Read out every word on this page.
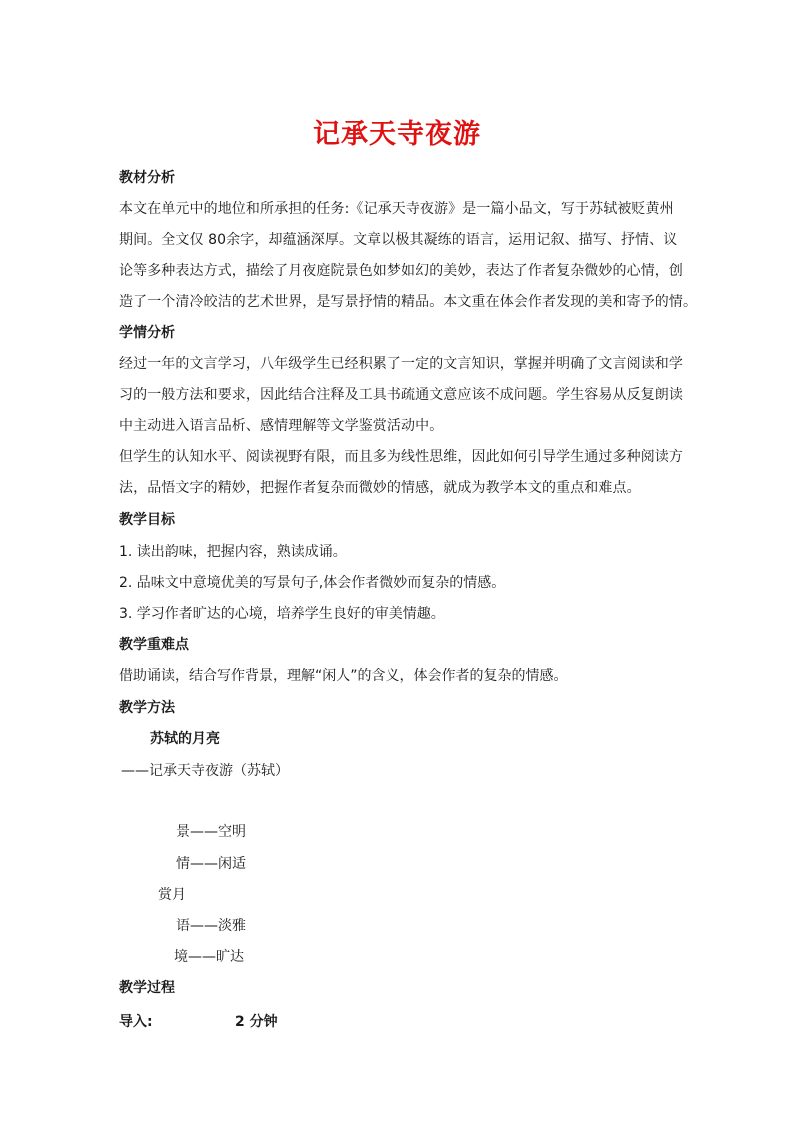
记承天寺夜游
教材分析
本文在单元中的地位和所承担的任务:《记承天寺夜游》是一篇小品文，写于苏轼被贬黄州
期间。全文仅 80余字，却蕴涵深厚。文章以极其凝练的语言，运用记叙、描写、抒情、议
论等多种表达方式，描绘了月夜庭院景色如梦如幻的美妙，表达了作者复杂微妙的心情，创
造了一个清冷皎洁的艺术世界，是写景抒情的精品。本文重在体会作者发现的美和寄予的情。
学情分析
经过一年的文言学习，八年级学生已经积累了一定的文言知识，掌握并明确了文言阅读和学
习的一般方法和要求，因此结合注释及工具书疏通文意应该不成问题。学生容易从反复朗读
中主动进入语言品析、感情理解等文学鉴赏活动中。
但学生的认知水平、阅读视野有限，而且多为线性思维，因此如何引导学生通过多种阅读方
法，品悟文字的精妙，把握作者复杂而微妙的情感，就成为教学本文的重点和难点。
教学目标
1. 读出韵味，把握内容，熟读成诵。
2. 品味文中意境优美的写景句子,体会作者微妙而复杂的情感。
3. 学习作者旷达的心境，培养学生良好的审美情趣。
教学重难点
借助诵读，结合写作背景，理解“闲人”的含义，体会作者的复杂的情感。
教学方法
苏轼的月亮
——记承天寺夜游（苏轼）
景——空明
情——闲适
赏月
语——淡雅
境——旷达
教学过程
导入:	2 分钟
